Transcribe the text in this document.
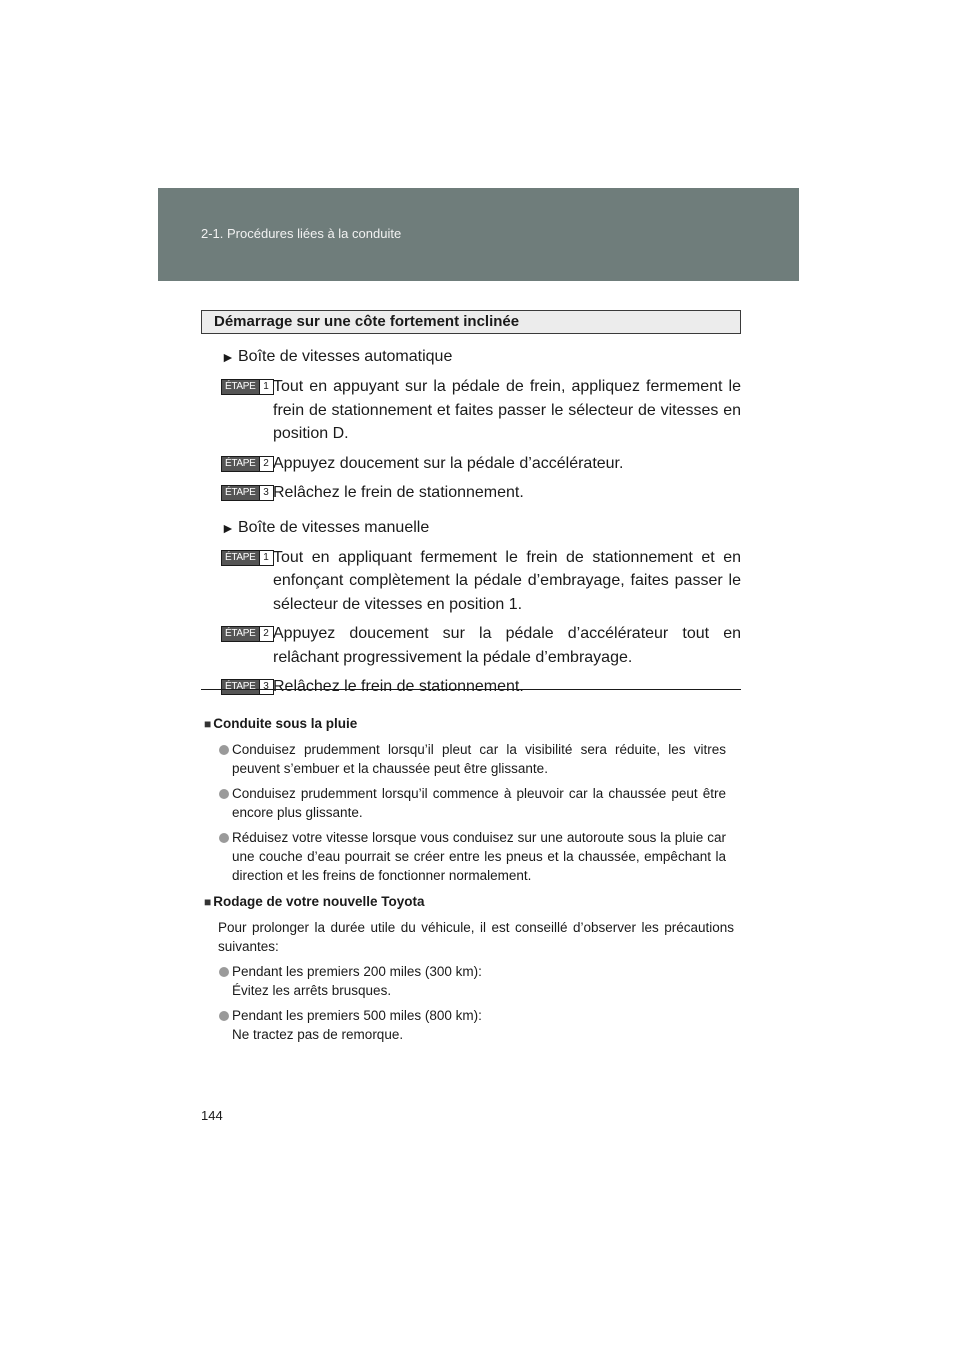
2-1. Procédures liées à la conduite
Démarrage sur une côte fortement inclinée
► Boîte de vitesses automatique
ÉTAPE 1 Tout en appuyant sur la pédale de frein, appliquez fermement le frein de stationnement et faites passer le sélecteur de vitesses en position D.
ÉTAPE 2 Appuyez doucement sur la pédale d’accélérateur.
ÉTAPE 3 Relâchez le frein de stationnement.
► Boîte de vitesses manuelle
ÉTAPE 1 Tout en appliquant fermement le frein de stationnement et en enfonçant complètement la pédale d’embrayage, faites passer le sélecteur de vitesses en position 1.
ÉTAPE 2 Appuyez doucement sur la pédale d’accélérateur tout en relâchant progressivement la pédale d’embrayage.
ÉTAPE 3 Relâchez le frein de stationnement.
■ Conduite sous la pluie
Conduisez prudemment lorsqu’il pleut car la visibilité sera réduite, les vitres peuvent s’embuer et la chaussée peut être glissante.
Conduisez prudemment lorsqu’il commence à pleuvoir car la chaussée peut être encore plus glissante.
Réduisez votre vitesse lorsque vous conduisez sur une autoroute sous la pluie car une couche d’eau pourrait se créer entre les pneus et la chaussée, empêchant la direction et les freins de fonctionner normalement.
■ Rodage de votre nouvelle Toyota
Pour prolonger la durée utile du véhicule, il est conseillé d’observer les précautions suivantes:
Pendant les premiers 200 miles (300 km):
Évitez les arrêts brusques.
Pendant les premiers 500 miles (800 km):
Ne tractez pas de remorque.
144
